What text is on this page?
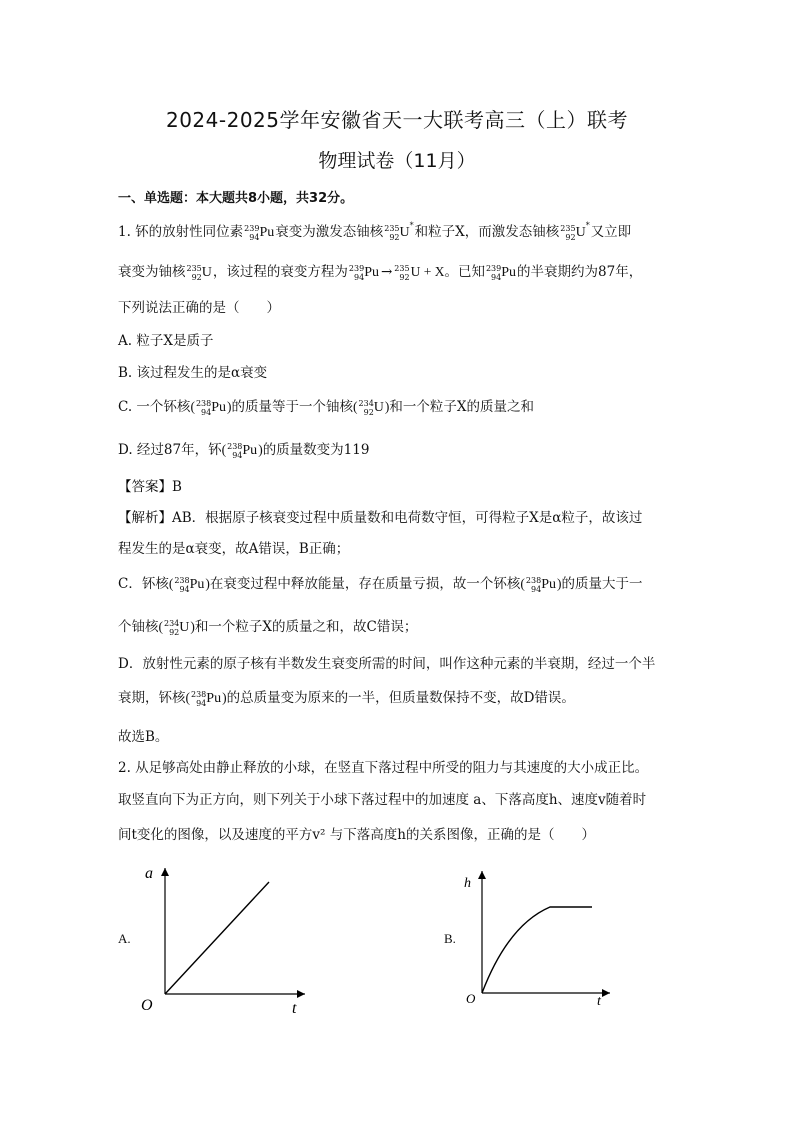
2024-2025学年安徽省天一大联考高三（上）联考
物理试卷（11月）
一、单选题：本大题共8小题，共32分。
1. 钚的放射性同位素 239
94 Pu衰变为激发态铀核 235
92 U*和粒子X，而激发态铀核 235
92 U*又立即
衰变为铀核 235
92 U，该过程的衰变方程为 239
94 Pu → 235
92 U + X。已知 239
94 Pu的半衰期约为87年，
下列说法正确的是（　　）
A. 粒子X是质子
B. 该过程发生的是α衰变
C. 一个钚核( 238
94 Pu)的质量等于一个铀核( 234
92 U)和一个粒子X的质量之和
D. 经过87年，钚( 238
94 Pu)的质量数变为119
【答案】B
【解析】AB．根据原子核衰变过程中质量数和电荷数守恒，可得粒子X是α粒子，故该过
程发生的是α衰变，故A错误，B正确；
C．钚核( 238
94 Pu)在衰变过程中释放能量，存在质量亏损，故一个钚核( 238
94 Pu)的质量大于一
个铀核( 234
92 U)和一个粒子X的质量之和，故C错误；
D．放射性元素的原子核有半数发生衰变所需的时间，叫作这种元素的半衰期，经过一个半
衰期，钚核( 238
94 Pu)的总质量变为原来的一半，但质量数保持不变，故D错误。
故选B。
2. 从足够高处由静止释放的小球，在竖直下落过程中所受的阻力与其速度的大小成正比。
取竖直向下为正方向，则下列关于小球下落过程中的加速度 a、下落高度h、速度v随着时
间t变化的图像，以及速度的平方v² 与下落高度h的关系图像，正确的是（　　）
A.
a
O	t
B.
h
O	t
